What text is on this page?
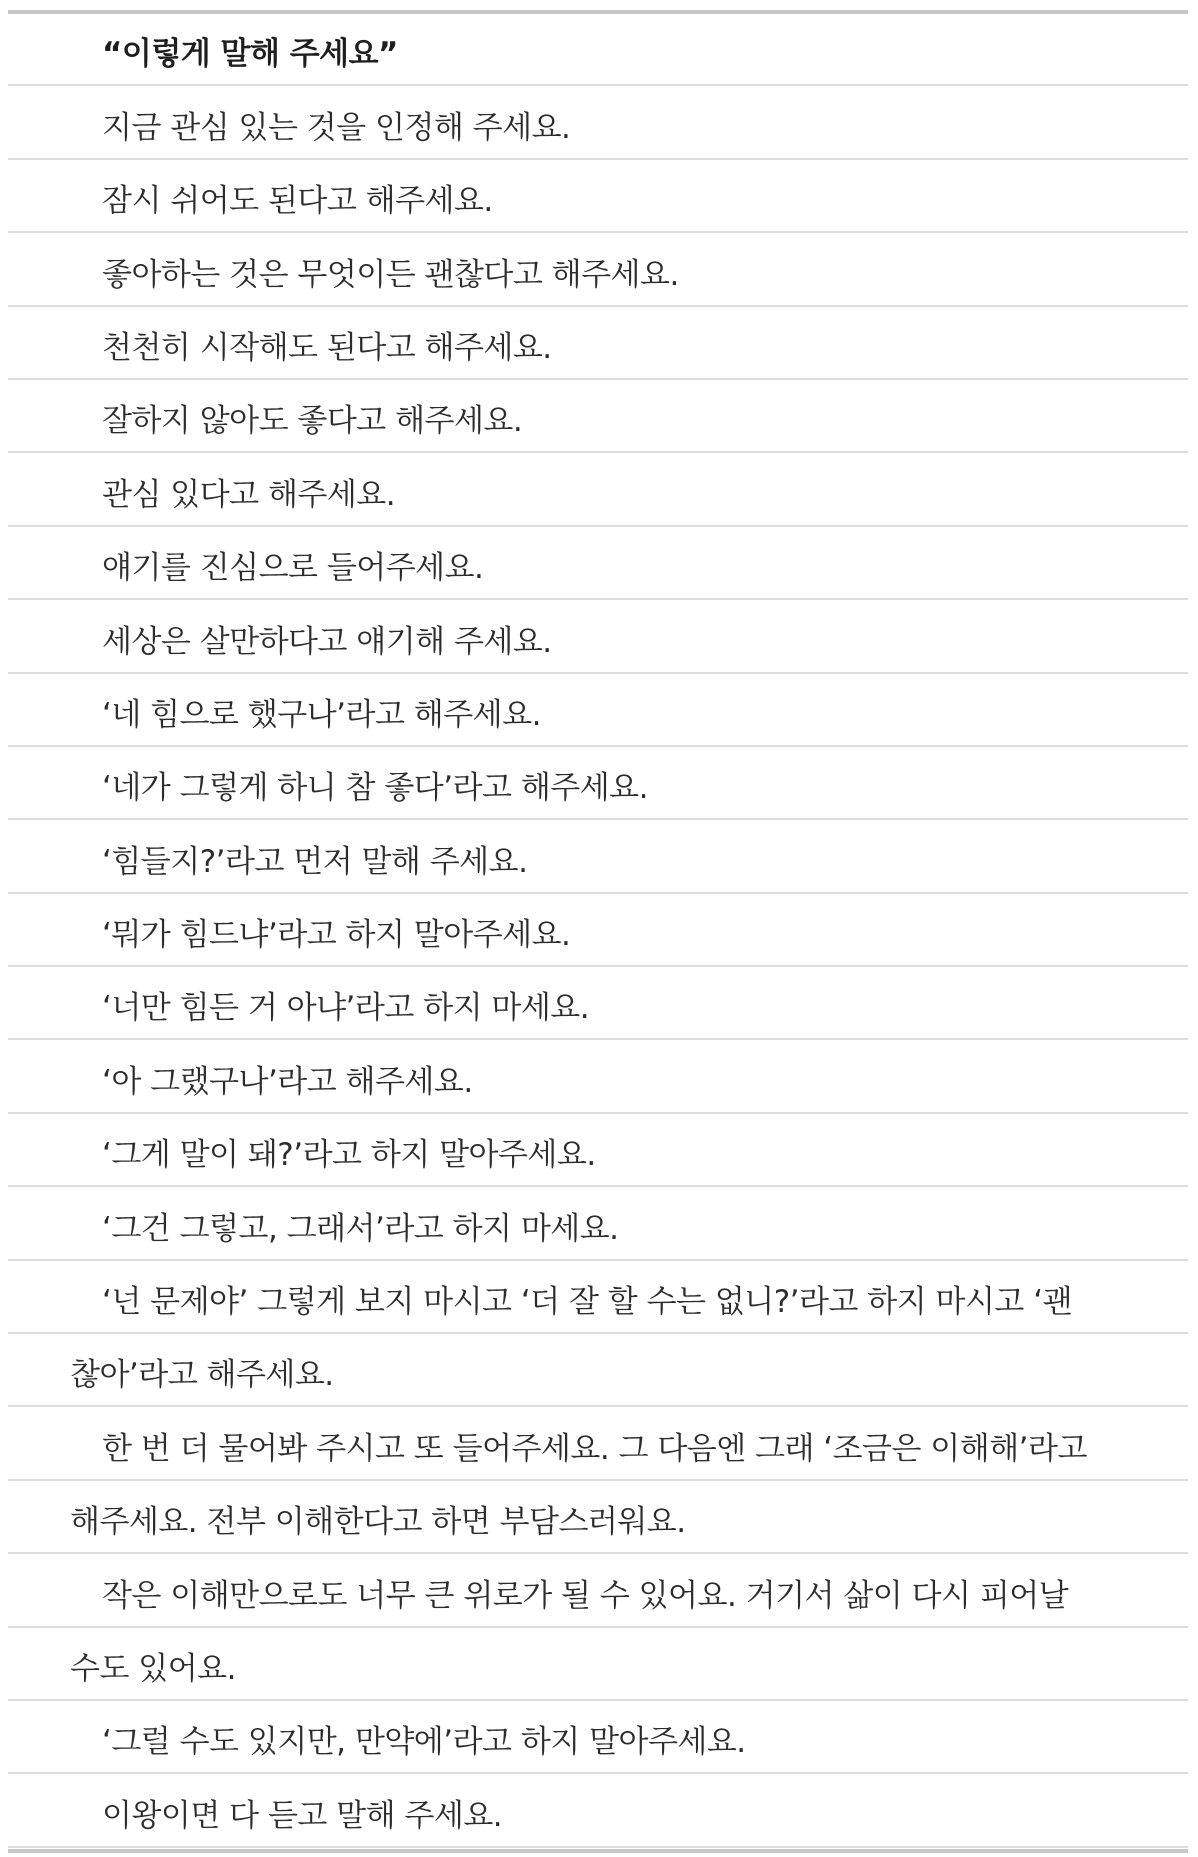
“이렇게 말해 주세요”
지금 관심 있는 것을 인정해 주세요.
잠시 쉬어도 된다고 해주세요.
좋아하는 것은 무엇이든 괜찮다고 해주세요.
천천히 시작해도 된다고 해주세요.
잘하지 않아도 좋다고 해주세요.
관심 있다고 해주세요.
얘기를 진심으로 들어주세요.
세상은 살만하다고 얘기해 주세요.
‘네 힘으로 했구나’라고 해주세요.
‘네가 그렇게 하니 참 좋다’라고 해주세요.
‘힘들지?’라고 먼저 말해 주세요.
‘뭐가 힘드냐’라고 하지 말아주세요.
‘너만 힘든 거 아냐’라고 하지 마세요.
‘아 그랬구나’라고 해주세요.
‘그게 말이 돼?’라고 하지 말아주세요.
‘그건 그렇고, 그래서’라고 하지 마세요.
‘넌 문제야’ 그렇게 보지 마시고 ‘더 잘 할 수는 없니?’라고 하지 마시고 ‘괜
찮아’라고 해주세요.
한 번 더 물어봐 주시고 또 들어주세요. 그 다음엔 그래 ‘조금은 이해해’라고
해주세요. 전부 이해한다고 하면 부담스러워요.
작은 이해만으로도 너무 큰 위로가 될 수 있어요. 거기서 삶이 다시 피어날
수도 있어요.
‘그럴 수도 있지만, 만약에’라고 하지 말아주세요.
이왕이면 다 듣고 말해 주세요.
